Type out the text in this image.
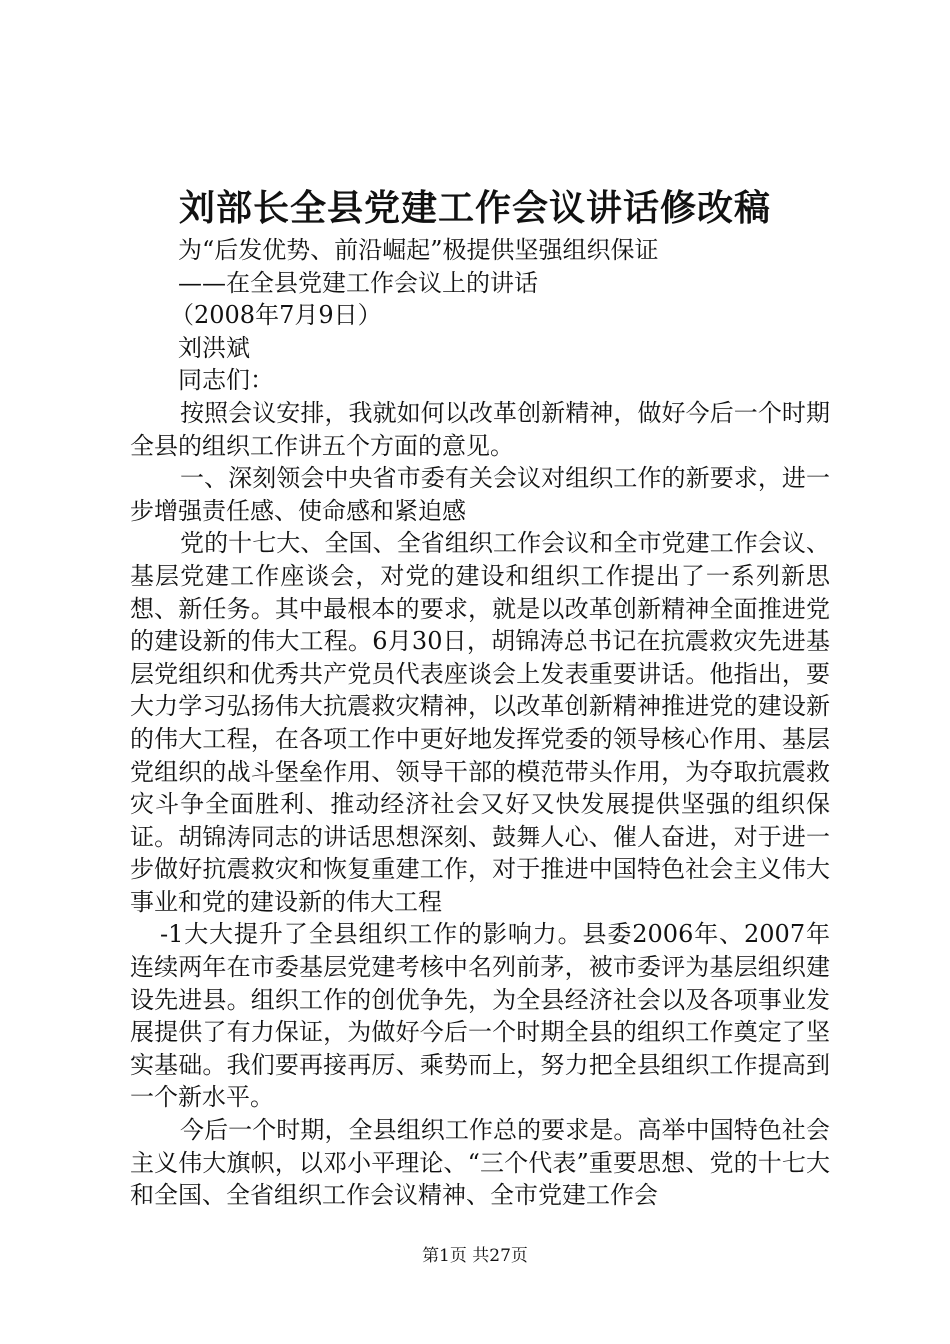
刘部长全县党建工作会议讲话修改稿

为“后发优势、前沿崛起”极提供坚强组织保证

——在全县党建工作会议上的讲话

（2008年7月9日）

刘洪斌

同志们：

按照会议安排，我就如何以改革创新精神，做好今后一个时期全县的组织工作讲五个方面的意见。

一、深刻领会中央省市委有关会议对组织工作的新要求，进一步增强责任感、使命感和紧迫感

党的十七大、全国、全省组织工作会议和全市党建工作会议、基层党建工作座谈会，对党的建设和组织工作提出了一系列新思想、新任务。其中最根本的要求，就是以改革创新精神全面推进党的建设新的伟大工程。6月30日，胡锦涛总书记在抗震救灾先进基层党组织和优秀共产党员代表座谈会上发表重要讲话。他指出，要大力学习弘扬伟大抗震救灾精神，以改革创新精神推进党的建设新的伟大工程，在各项工作中更好地发挥党委的领导核心作用、基层党组织的战斗堡垒作用、领导干部的模范带头作用，为夺取抗震救灾斗争全面胜利、推动经济社会又好又快发展提供坚强的组织保证。胡锦涛同志的讲话思想深刻、鼓舞人心、催人奋进，对于进一步做好抗震救灾和恢复重建工作，对于推进中国特色社会主义伟大事业和党的建设新的伟大工程

-1大大提升了全县组织工作的影响力。县委2006年、2007年连续两年在市委基层党建考核中名列前茅，被市委评为基层组织建设先进县。组织工作的创优争先，为全县经济社会以及各项事业发展提供了有力保证，为做好今后一个时期全县的组织工作奠定了坚实基础。我们要再接再厉、乘势而上，努力把全县组织工作提高到一个新水平。

今后一个时期，全县组织工作总的要求是。高举中国特色社会主义伟大旗帜，以邓小平理论、“三个代表”重要思想、党的十七大和全国、全省组织工作会议精神、全市党建工作会

第1页 共27页
